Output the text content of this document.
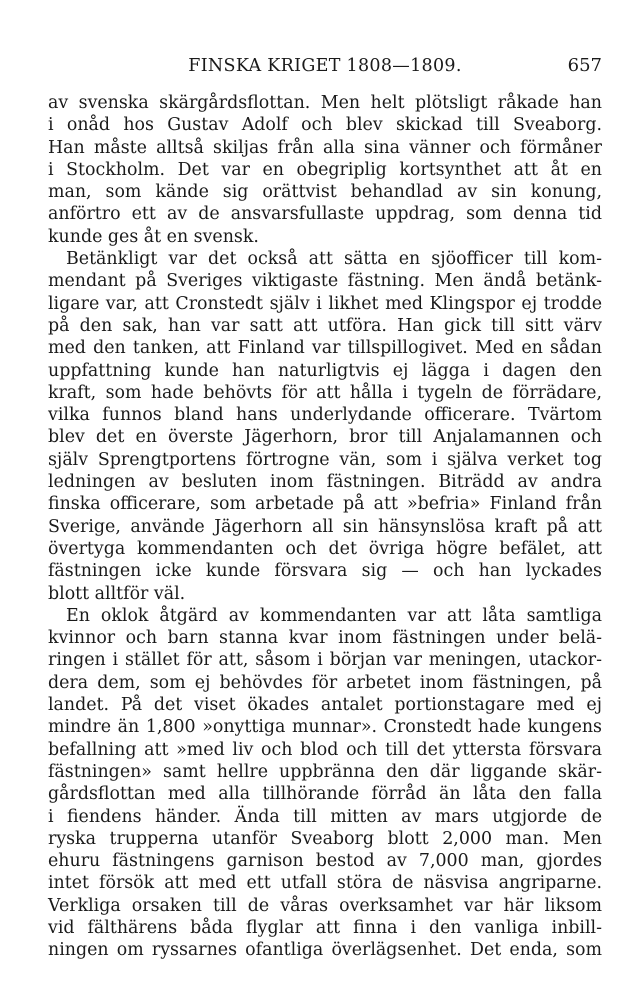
FINSKA KRIGET 1808—1809.	657
av svenska skärgårdsflottan. Men helt plötsligt råkade han
i onåd hos Gustav Adolf och blev skickad till Sveaborg.
Han måste alltså skiljas från alla sina vänner och förmåner
i Stockholm. Det var en obegriplig kortsynthet att åt en
man, som kände sig orättvist behandlad av sin konung,
anförtro ett av de ansvarsfullaste uppdrag, som denna tid
kunde ges åt en svensk.
Betänkligt var det också att sätta en sjöofficer till kom-
mendant på Sveriges viktigaste fästning. Men ändå betänk-
ligare var, att Cronstedt själv i likhet med Klingspor ej trodde
på den sak, han var satt att utföra. Han gick till sitt värv
med den tanken, att Finland var tillspillogivet. Med en sådan
uppfattning kunde han naturligtvis ej lägga i dagen den
kraft, som hade behövts för att hålla i tygeln de förrädare,
vilka funnos bland hans underlydande officerare. Tvärtom
blev det en överste Jägerhorn, bror till Anjalamannen och
själv Sprengtportens förtrogne vän, som i själva verket tog
ledningen av besluten inom fästningen. Biträdd av andra
finska officerare, som arbetade på att »befria» Finland från
Sverige, använde Jägerhorn all sin hänsynslösa kraft på att
övertyga kommendanten och det övriga högre befälet, att
fästningen icke kunde försvara sig — och han lyckades
blott alltför väl.
En oklok åtgärd av kommendanten var att låta samtliga
kvinnor och barn stanna kvar inom fästningen under belä-
ringen i stället för att, såsom i början var meningen, utackor-
dera dem, som ej behövdes för arbetet inom fästningen, på
landet. På det viset ökades antalet portionstagare med ej
mindre än 1,800 »onyttiga munnar». Cronstedt hade kungens
befallning att »med liv och blod och till det yttersta försvara
fästningen» samt hellre uppbränna den där liggande skär-
gårdsflottan med alla tillhörande förråd än låta den falla
i fiendens händer. Ända till mitten av mars utgjorde de
ryska trupperna utanför Sveaborg blott 2,000 man. Men
ehuru fästningens garnison bestod av 7,000 man, gjordes
intet försök att med ett utfall störa de näsvisa angriparne.
Verkliga orsaken till de våras overksamhet var här liksom
vid fälthärens båda flyglar att finna i den vanliga inbill-
ningen om ryssarnes ofantliga överlägsenhet. Det enda, som
